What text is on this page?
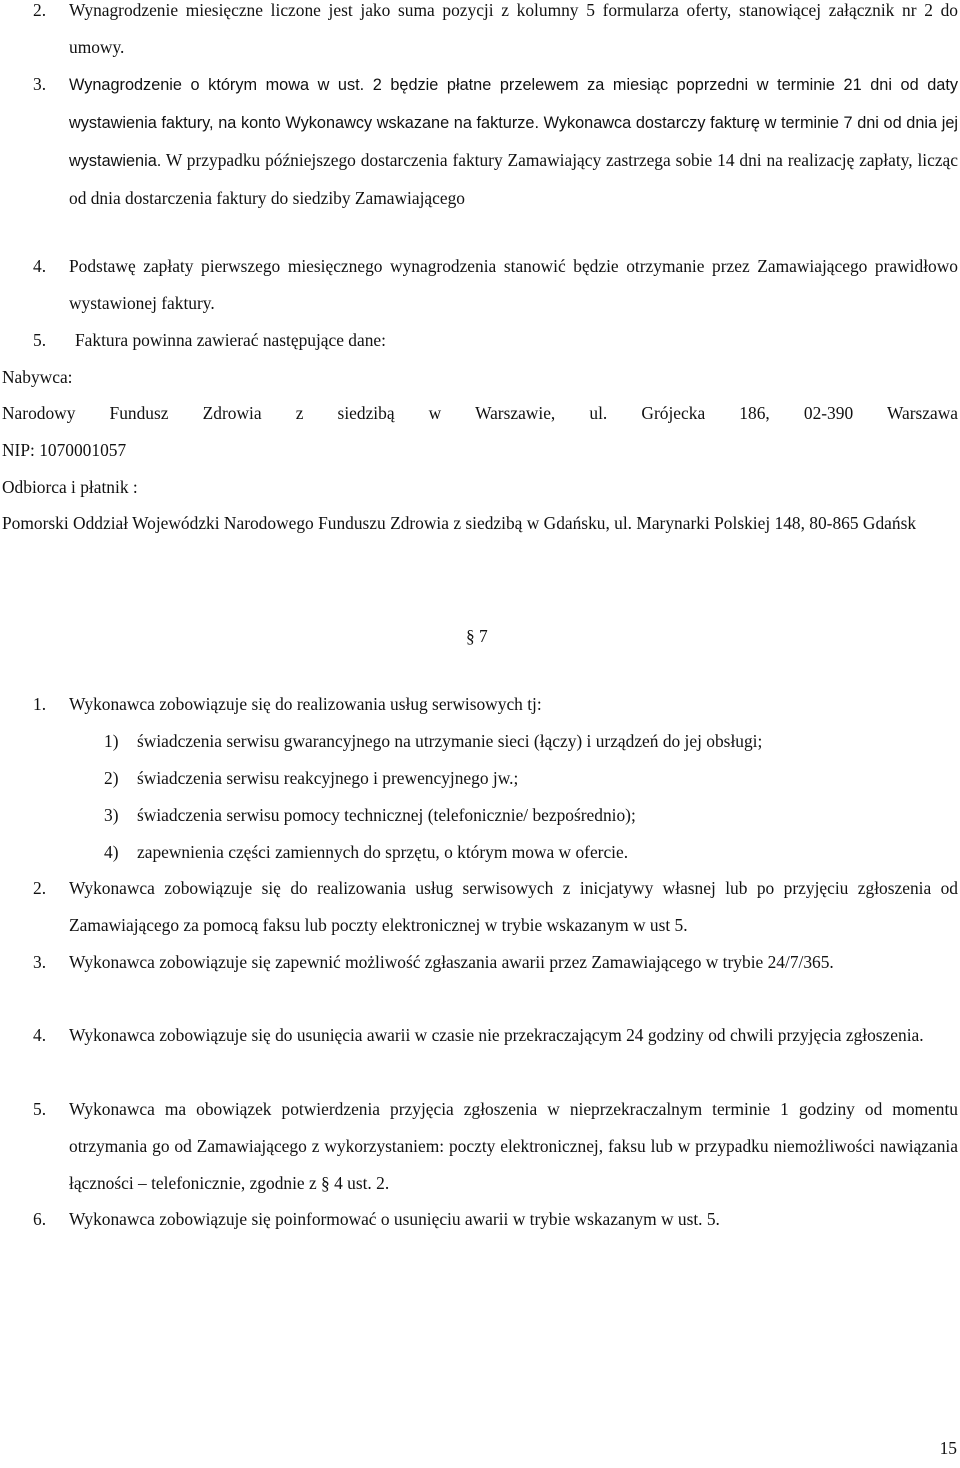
2. Wynagrodzenie miesięczne liczone jest jako suma pozycji z kolumny 5 formularza oferty, stanowiącej załącznik nr 2 do umowy.
3. Wynagrodzenie o którym mowa w ust. 2 będzie płatne przelewem za miesiąc poprzedni w terminie 21 dni od daty wystawienia faktury, na konto Wykonawcy wskazane na fakturze. Wykonawca dostarczy fakturę w terminie 7 dni od dnia jej wystawienia. W przypadku późniejszego dostarczenia faktury Zamawiający zastrzega sobie 14 dni na realizację zapłaty, licząc od dnia dostarczenia faktury do siedziby Zamawiającego
4. Podstawę zapłaty pierwszego miesięcznego wynagrodzenia stanowić będzie otrzymanie przez Zamawiającego prawidłowo wystawionej faktury.
5. Faktura powinna zawierać następujące dane:
Nabywca:
Narodowy Fundusz Zdrowia z siedzibą w Warszawie, ul. Grójecka 186, 02-390 Warszawa
NIP: 1070001057
Odbiorca i płatnik :
Pomorski Oddział Wojewódzki Narodowego Funduszu Zdrowia z siedzibą w Gdańsku, ul. Marynarki Polskiej 148, 80-865 Gdańsk
§ 7
1. Wykonawca zobowiązuje się do realizowania usług serwisowych tj:
1) świadczenia serwisu gwarancyjnego na utrzymanie sieci (łączy) i urządzeń do jej obsługi;
2) świadczenia serwisu reakcyjnego i prewencyjnego jw.;
3) świadczenia serwisu pomocy technicznej (telefonicznie/ bezpośrednio);
4) zapewnienia części zamiennych do sprzętu, o którym mowa w ofercie.
2. Wykonawca zobowiązuje się do realizowania usług serwisowych z inicjatywy własnej lub po przyjęciu zgłoszenia od Zamawiającego za pomocą faksu lub poczty elektronicznej w trybie wskazanym w ust 5.
3. Wykonawca zobowiązuje się zapewnić możliwość zgłaszania awarii przez Zamawiającego w trybie 24/7/365.
4. Wykonawca zobowiązuje się do usunięcia awarii w czasie nie przekraczającym 24 godziny od chwili przyjęcia zgłoszenia.
5. Wykonawca ma obowiązek potwierdzenia przyjęcia zgłoszenia w nieprzekraczalnym terminie 1 godziny od momentu otrzymania go od Zamawiającego z wykorzystaniem: poczty elektronicznej, faksu lub w przypadku niemożliwości nawiązania łączności – telefonicznie, zgodnie z § 4 ust. 2.
6. Wykonawca zobowiązuje się poinformować o usunięciu awarii w trybie wskazanym w ust. 5.
15
